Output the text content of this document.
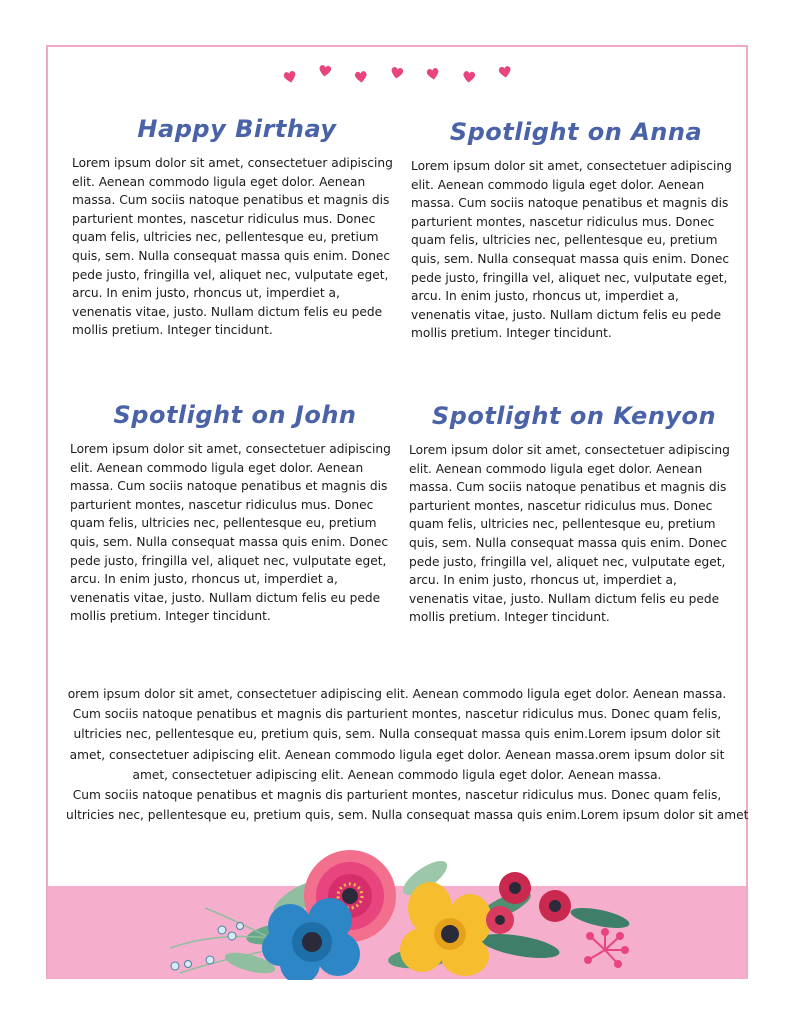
Happy Birthay

Lorem ipsum dolor sit amet, consectetuer adipiscing elit. Aenean commodo ligula eget dolor. Aenean massa. Cum sociis natoque penatibus et magnis dis parturient montes, nascetur ridiculus mus. Donec quam felis, ultricies nec, pellentesque eu, pretium quis, sem. Nulla consequat massa quis enim. Donec pede justo, fringilla vel, aliquet nec, vulputate eget, arcu. In enim justo, rhoncus ut, imperdiet a, venenatis vitae, justo. Nullam dictum felis eu pede mollis pretium. Integer tincidunt.

Spotlight on Anna

Lorem ipsum dolor sit amet, consectetuer adipiscing elit. Aenean commodo ligula eget dolor. Aenean massa. Cum sociis natoque penatibus et magnis dis parturient montes, nascetur ridiculus mus. Donec quam felis, ultricies nec, pellentesque eu, pretium quis, sem. Nulla consequat massa quis enim. Donec pede justo, fringilla vel, aliquet nec, vulputate eget, arcu. In enim justo, rhoncus ut, imperdiet a, venenatis vitae, justo. Nullam dictum felis eu pede mollis pretium. Integer tincidunt.

Spotlight on John

Lorem ipsum dolor sit amet, consectetuer adipiscing elit. Aenean commodo ligula eget dolor. Aenean massa. Cum sociis natoque penatibus et magnis dis parturient montes, nascetur ridiculus mus. Donec quam felis, ultricies nec, pellentesque eu, pretium quis, sem. Nulla consequat massa quis enim. Donec pede justo, fringilla vel, aliquet nec, vulputate eget, arcu. In enim justo, rhoncus ut, imperdiet a, venenatis vitae, justo. Nullam dictum felis eu pede mollis pretium. Integer tincidunt.

Spotlight on Kenyon

Lorem ipsum dolor sit amet, consectetuer adipiscing elit. Aenean commodo ligula eget dolor. Aenean massa. Cum sociis natoque penatibus et magnis dis parturient montes, nascetur ridiculus mus. Donec quam felis, ultricies nec, pellentesque eu, pretium quis, sem. Nulla consequat massa quis enim. Donec pede justo, fringilla vel, aliquet nec, vulputate eget, arcu. In enim justo, rhoncus ut, imperdiet a, venenatis vitae, justo. Nullam dictum felis eu pede mollis pretium. Integer tincidunt.

orem ipsum dolor sit amet, consectetuer adipiscing elit. Aenean commodo ligula eget dolor. Aenean massa.
Cum sociis natoque penatibus et magnis dis parturient montes, nascetur ridiculus mus. Donec quam felis,
ultricies nec, pellentesque eu, pretium quis, sem. Nulla consequat massa quis enim.Lorem ipsum dolor sit
amet, consectetuer adipiscing elit. Aenean commodo ligula eget dolor. Aenean massa.orem ipsum dolor sit
amet, consectetuer adipiscing elit. Aenean commodo ligula eget dolor. Aenean massa.
Cum sociis natoque penatibus et magnis dis parturient montes, nascetur ridiculus mus. Donec quam felis,
ultricies nec, pellentesque eu, pretium quis, sem. Nulla consequat massa quis enim.Lorem ipsum dolor sit amet
